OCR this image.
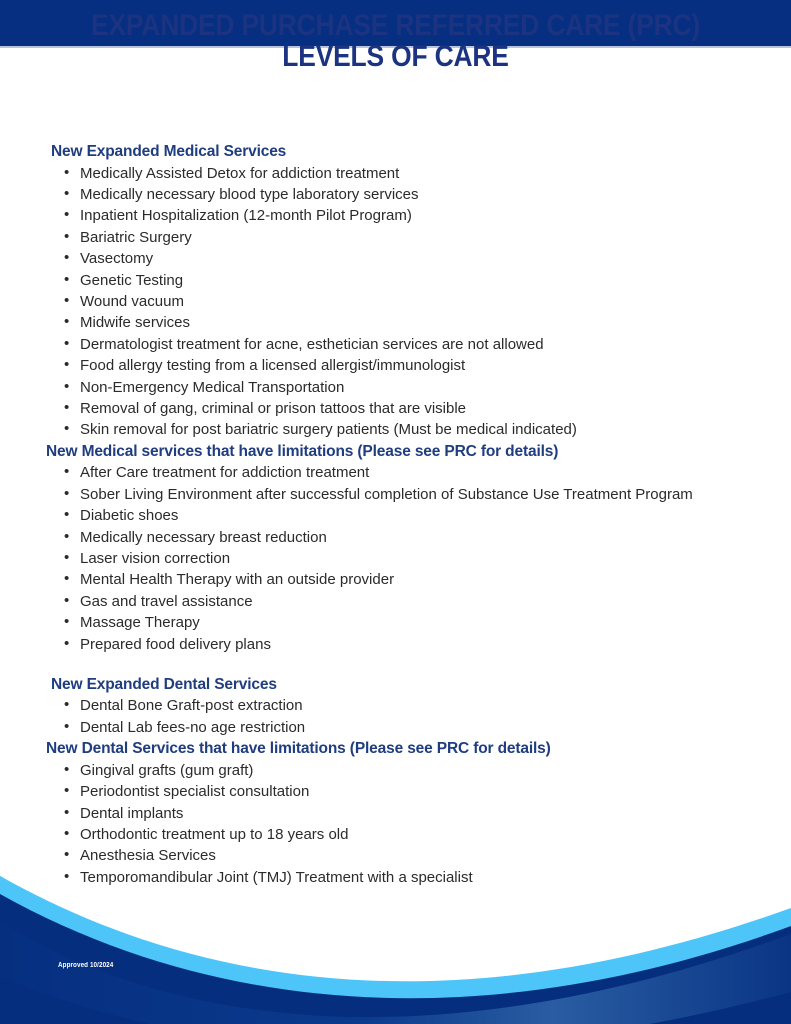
EXPANDED PURCHASE REFERRED CARE (PRC)
LEVELS OF CARE
New Expanded Medical Services
• Medically Assisted Detox for addiction treatment
• Medically necessary blood type laboratory services
• Inpatient Hospitalization (12-month Pilot Program)
• Bariatric Surgery
• Vasectomy
• Genetic Testing
• Wound vacuum
• Midwife services
• Dermatologist treatment for acne, esthetician services are not allowed
• Food allergy testing from a licensed allergist/immunologist
• Non-Emergency Medical Transportation
• Removal of gang, criminal or prison tattoos that are visible
• Skin removal for post bariatric surgery patients (Must be medical indicated)
New Medical services that have limitations (Please see PRC for details)
• After Care treatment for addiction treatment
• Sober Living Environment after successful completion of Substance Use Treatment Program
• Diabetic shoes
• Medically necessary breast reduction
• Laser vision correction
• Mental Health Therapy with an outside provider
• Gas and travel assistance
• Massage Therapy
• Prepared food delivery plans
New Expanded Dental Services
• Dental Bone Graft-post extraction
• Dental Lab fees-no age restriction
New Dental Services that have limitations (Please see PRC for details)
• Gingival grafts (gum graft)
• Periodontist specialist consultation
• Dental implants
• Orthodontic treatment up to 18 years old
• Anesthesia Services
• Temporomandibular Joint (TMJ) Treatment with a specialist
Approved 10/2024
